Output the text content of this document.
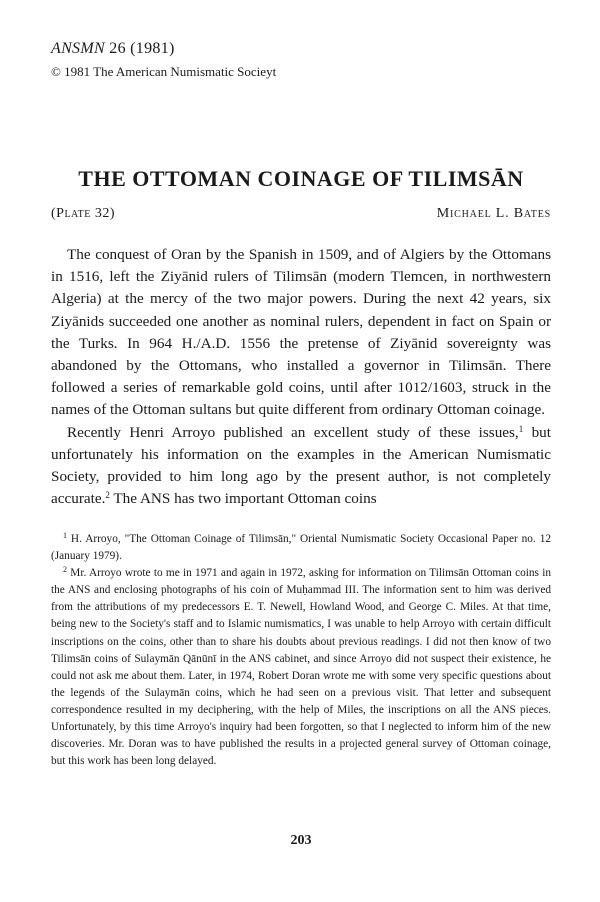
ANSMN 26 (1981)
© 1981 The American Numismatic Socieyt
THE OTTOMAN COINAGE OF TILIMSĀN
(Plate 32)	Michael L. Bates

The conquest of Oran by the Spanish in 1509, and of Algiers by the Ottomans in 1516, left the Ziyānid rulers of Tilimsān (modern Tlemcen, in northwestern Algeria) at the mercy of the two major powers. During the next 42 years, six Ziyānids succeeded one another as nominal rulers, dependent in fact on Spain or the Turks. In 964 H./A.D. 1556 the pretense of Ziyānid sovereignty was abandoned by the Ottomans, who installed a governor in Tilimsān. There followed a series of remarkable gold coins, until after 1012/1603, struck in the names of the Ottoman sultans but quite different from ordinary Ottoman coinage.

Recently Henri Arroyo published an excellent study of these issues,$^1$ but unfortunately his information on the examples in the American Numismatic Society, provided to him long ago by the present author, is not completely accurate.$^2$ The ANS has two important Ottoman coins

$^1$ H. Arroyo, "The Ottoman Coinage of Tilimsān," Oriental Numismatic Society Occasional Paper no. 12 (January 1979).

$^2$ Mr. Arroyo wrote to me in 1971 and again in 1972, asking for information on Tilimsān Ottoman coins in the ANS and enclosing photographs of his coin of Muḥammad III. The information sent to him was derived from the attributions of my predecessors E. T. Newell, Howland Wood, and George C. Miles. At that time, being new to the Society's staff and to Islamic numismatics, I was unable to help Arroyo with certain difficult inscriptions on the coins, other than to share his doubts about previous readings. I did not then know of two Tilimsān coins of Sulaymān Qānūnī in the ANS cabinet, and since Arroyo did not suspect their existence, he could not ask me about them. Later, in 1974, Robert Doran wrote me with some very specific questions about the legends of the Sulaymān coins, which he had seen on a previous visit. That letter and subsequent correspondence resulted in my deciphering, with the help of Miles, the inscriptions on all the ANS pieces. Unfortunately, by this time Arroyo's inquiry had been forgotten, so that I neglected to inform him of the new discoveries. Mr. Doran was to have published the results in a projected general survey of Ottoman coinage, but this work has been long delayed.

203
